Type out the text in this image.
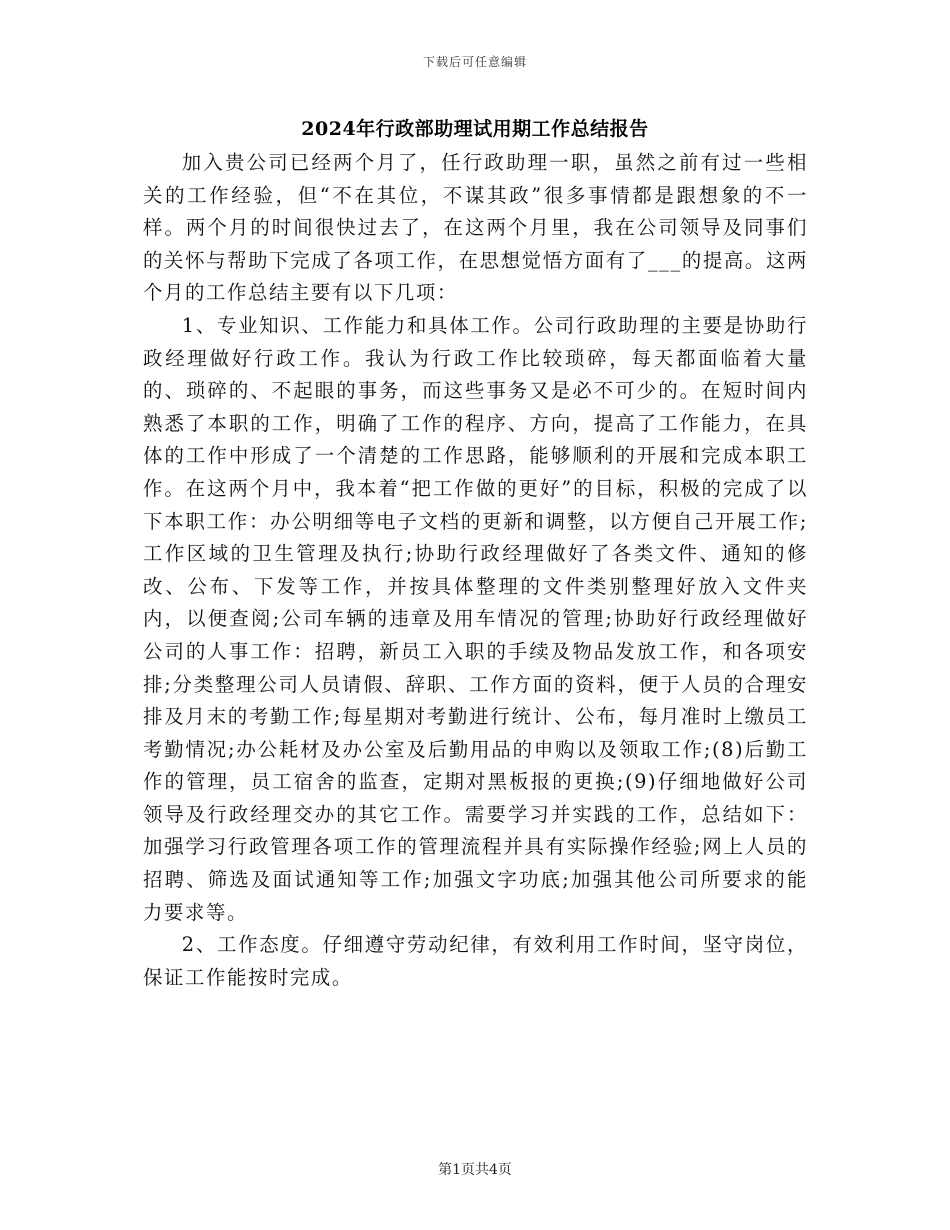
下载后可任意编辑
2024年行政部助理试用期工作总结报告

加入贵公司已经两个月了，任行政助理一职，虽然之前有过一些相关的工作经验，但“不在其位，不谋其政”很多事情都是跟想象的不一样。两个月的时间很快过去了，在这两个月里，我在公司领导及同事们的关怀与帮助下完成了各项工作，在思想觉悟方面有了___的提高。这两个月的工作总结主要有以下几项：

1、专业知识、工作能力和具体工作。公司行政助理的主要是协助行政经理做好行政工作。我认为行政工作比较琐碎，每天都面临着大量的、琐碎的、不起眼的事务，而这些事务又是必不可少的。在短时间内熟悉了本职的工作，明确了工作的程序、方向，提高了工作能力，在具体的工作中形成了一个清楚的工作思路，能够顺利的开展和完成本职工作。在这两个月中，我本着“把工作做的更好”的目标，积极的完成了以下本职工作：办公明细等电子文档的更新和调整，以方便自己开展工作;工作区域的卫生管理及执行;协助行政经理做好了各类文件、通知的修改、公布、下发等工作，并按具体整理的文件类别整理好放入文件夹内，以便查阅;公司车辆的违章及用车情况的管理;协助好行政经理做好公司的人事工作：招聘，新员工入职的手续及物品发放工作，和各项安排;分类整理公司人员请假、辞职、工作方面的资料，便于人员的合理安排及月末的考勤工作;每星期对考勤进行统计、公布，每月准时上缴员工考勤情况;办公耗材及办公室及后勤用品的申购以及领取工作;(8)后勤工作的管理，员工宿舍的监查，定期对黑板报的更换;(9)仔细地做好公司领导及行政经理交办的其它工作。需要学习并实践的工作，总结如下：加强学习行政管理各项工作的管理流程并具有实际操作经验;网上人员的招聘、筛选及面试通知等工作;加强文字功底;加强其他公司所要求的能力要求等。

2、工作态度。仔细遵守劳动纪律，有效利用工作时间，坚守岗位，保证工作能按时完成。

第1页共4页
